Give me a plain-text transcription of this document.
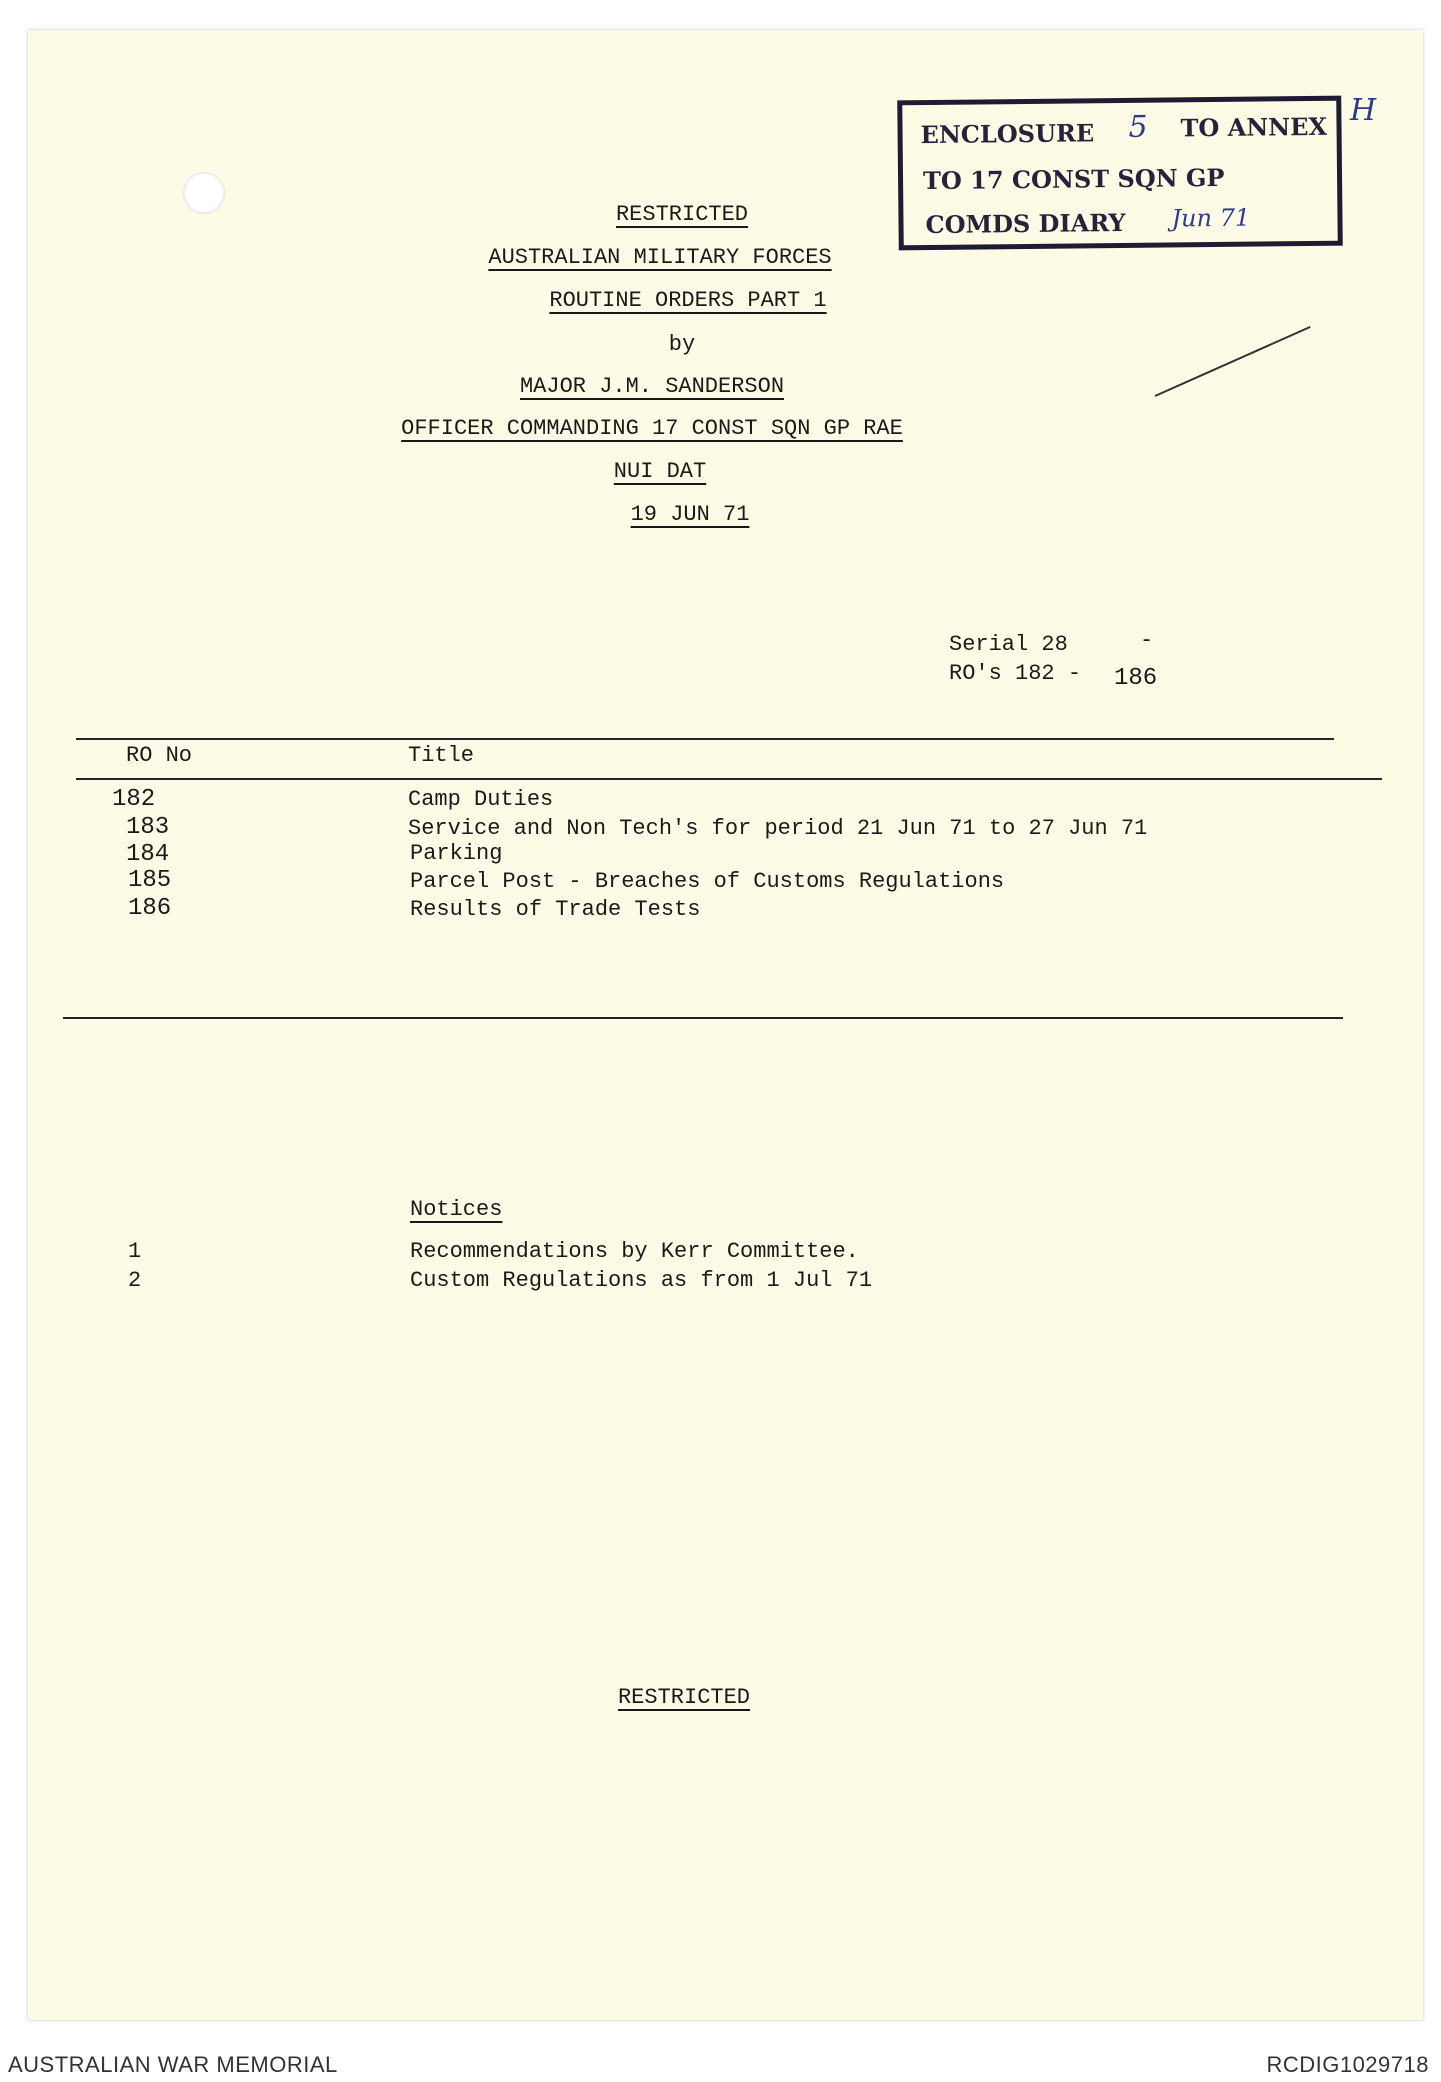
ENCLOSURE 5 TO ANNEX
TO 17 CONST SQN GP
COMDS DIARY Jun 71
H
RESTRICTED
AUSTRALIAN MILITARY FORCES
ROUTINE ORDERS PART 1
by
MAJOR J.M. SANDERSON
OFFICER COMMANDING 17 CONST SQN GP RAE
NUI DAT
19 JUN 71
Serial 28	-
RO's 182 - 186
RO No	Title
182	Camp Duties
183	Service and Non Tech's for period 21 Jun 71 to 27 Jun 71
184	Parking
185	Parcel Post - Breaches of Customs Regulations
186	Results of Trade Tests
Notices
1	Recommendations by Kerr Committee.
2	Custom Regulations as from 1 Jul 71
RESTRICTED
AUSTRALIAN WAR MEMORIAL	RCDIG1029718
